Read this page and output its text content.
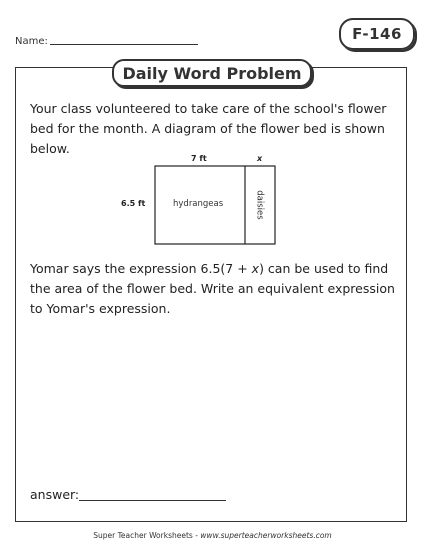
Name:	F-146
Daily Word Problem
Your class volunteered to take care of the school's flower bed for the month. A diagram of the flower bed is shown below.
7 ft	x
6.5 ft	hydrangeas	daisies
Yomar says the expression 6.5(7 + x) can be used to find the area of the flower bed. Write an equivalent expression to Yomar's expression.
answer:
Super Teacher Worksheets - www.superteacherworksheets.com
